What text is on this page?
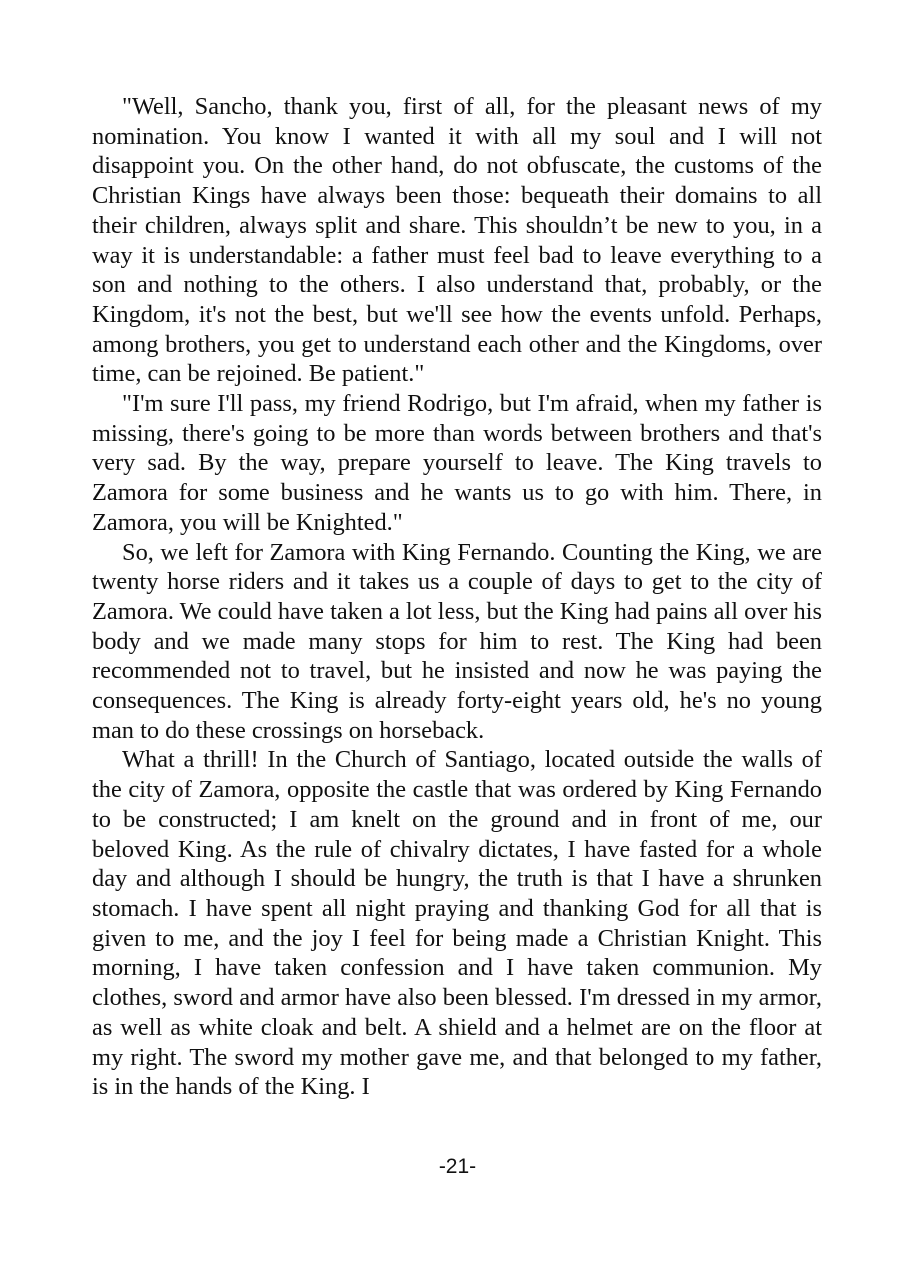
"Well, Sancho, thank you, first of all, for the pleasant news of my nomination. You know I wanted it with all my soul and I will not disappoint you. On the other hand, do not obfuscate, the customs of the Christian Kings have always been those: bequeath their domains to all their children, always split and share. This shouldn’t be new to you, in a way it is understandable: a father must feel bad to leave everything to a son and nothing to the others. I also understand that, probably, or the Kingdom, it's not the best, but we'll see how the events unfold. Perhaps, among brothers, you get to understand each other and the Kingdoms, over time, can be rejoined. Be patient."

"I'm sure I'll pass, my friend Rodrigo, but I'm afraid, when my father is missing, there's going to be more than words between brothers and that's very sad. By the way, prepare yourself to leave. The King travels to Zamora for some business and he wants us to go with him. There, in Zamora, you will be Knighted."

So, we left for Zamora with King Fernando. Counting the King, we are twenty horse riders and it takes us a couple of days to get to the city of Zamora. We could have taken a lot less, but the King had pains all over his body and we made many stops for him to rest. The King had been recommended not to travel, but he insisted and now he was paying the consequences. The King is already forty-eight years old, he's no young man to do these crossings on horseback.

What a thrill! In the Church of Santiago, located outside the walls of the city of Zamora, opposite the castle that was ordered by King Fernando to be constructed; I am knelt on the ground and in front of me, our beloved King. As the rule of chivalry dictates, I have fasted for a whole day and although I should be hungry, the truth is that I have a shrunken stomach. I have spent all night praying and thanking God for all that is given to me, and the joy I feel for being made a Christian Knight. This morning, I have taken confession and I have taken communion. My clothes, sword and armor have also been blessed. I'm dressed in my armor, as well as white cloak and belt. A shield and a helmet are on the floor at my right. The sword my mother gave me, and that belonged to my father, is in the hands of the King. I

-21-
